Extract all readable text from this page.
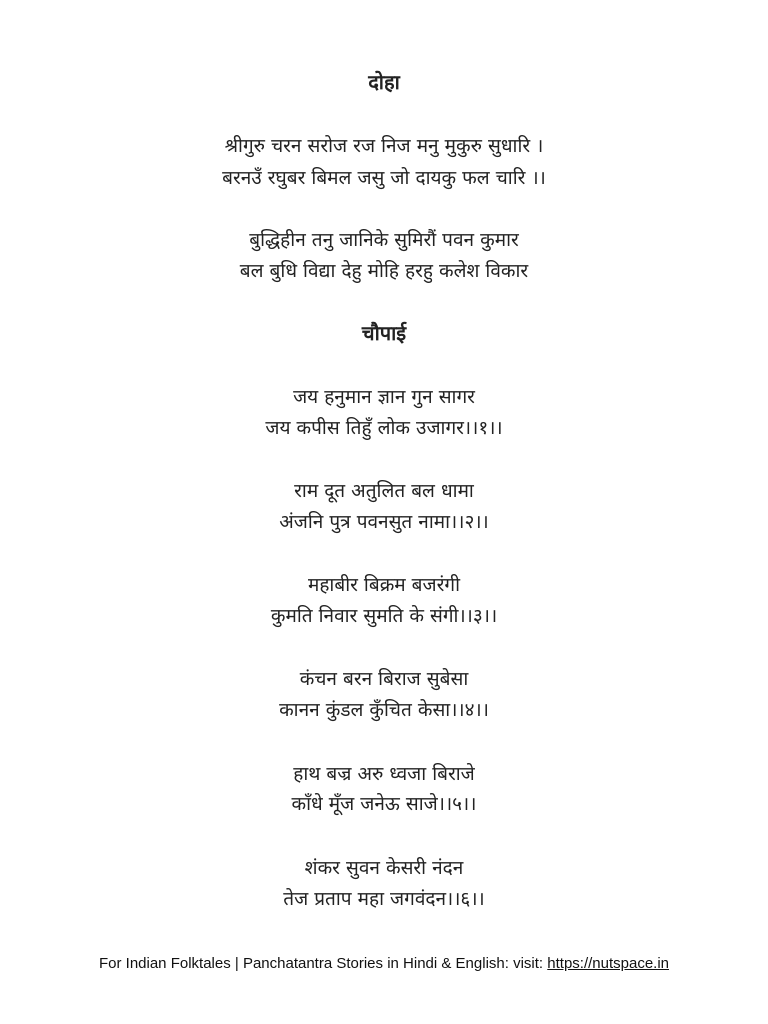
दोहा
श्रीगुरु चरन सरोज रज निज मनु मुकुरु सुधारि ।
बरनउँ रघुबर बिमल जसु जो दायकु फल चारि ।।
बुद्धिहीन तनु जानिके सुमिरौं पवन कुमार
बल बुधि विद्या देहु मोहि हरहु कलेश विकार
चौपाई
जय हनुमान ज्ञान गुन सागर
जय कपीस तिहुँ लोक उजागर।।१।।
राम दूत अतुलित बल धामा
अंजनि पुत्र पवनसुत नामा।।२।।
महाबीर बिक्रम बजरंगी
कुमति निवार सुमति के संगी।।३।।
कंचन बरन बिराज सुबेसा
कानन कुंडल कुँचित केसा।।४।।
हाथ बज्र अरु ध्वजा बिराजे
काँधे मूँज जनेऊ साजे।।५।।
शंकर सुवन केसरी नंदन
तेज प्रताप महा जगवंदन।।६।।
For Indian Folktales | Panchatantra Stories in Hindi & English: visit: https://nutspace.in
